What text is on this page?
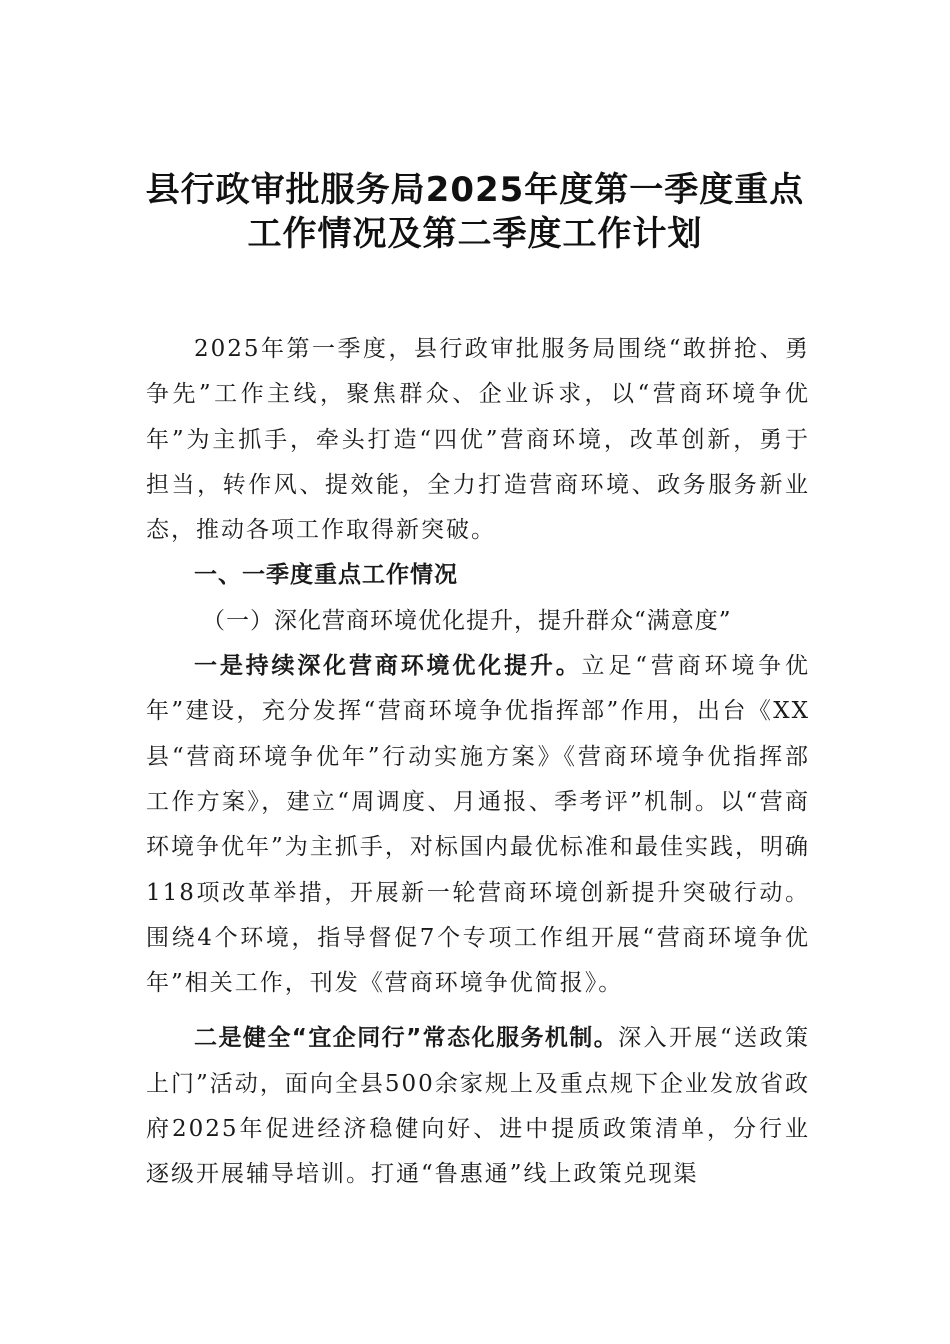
县行政审批服务局2025年度第一季度重点
工作情况及第二季度工作计划

2025年第一季度，县行政审批服务局围绕“敢拼抢、勇争先”工作主线，聚焦群众、企业诉求，以“营商环境争优年”为主抓手，牵头打造“四优”营商环境，改革创新，勇于担当，转作风、提效能，全力打造营商环境、政务服务新业态，推动各项工作取得新突破。

一、一季度重点工作情况

（一）深化营商环境优化提升，提升群众“满意度”

一是持续深化营商环境优化提升。立足“营商环境争优年”建设，充分发挥“营商环境争优指挥部”作用，出台《XX县“营商环境争优年”行动实施方案》《营商环境争优指挥部工作方案》，建立“周调度、月通报、季考评”机制。以“营商环境争优年”为主抓手，对标国内最优标准和最佳实践，明确118项改革举措，开展新一轮营商环境创新提升突破行动。围绕4个环境，指导督促7个专项工作组开展“营商环境争优年”相关工作，刊发《营商环境争优简报》。

二是健全“宜企同行”常态化服务机制。深入开展“送政策上门”活动，面向全县500余家规上及重点规下企业发放省政府2025年促进经济稳健向好、进中提质政策清单，分行业逐级开展辅导培训。打通“鲁惠通”线上政策兑现渠
